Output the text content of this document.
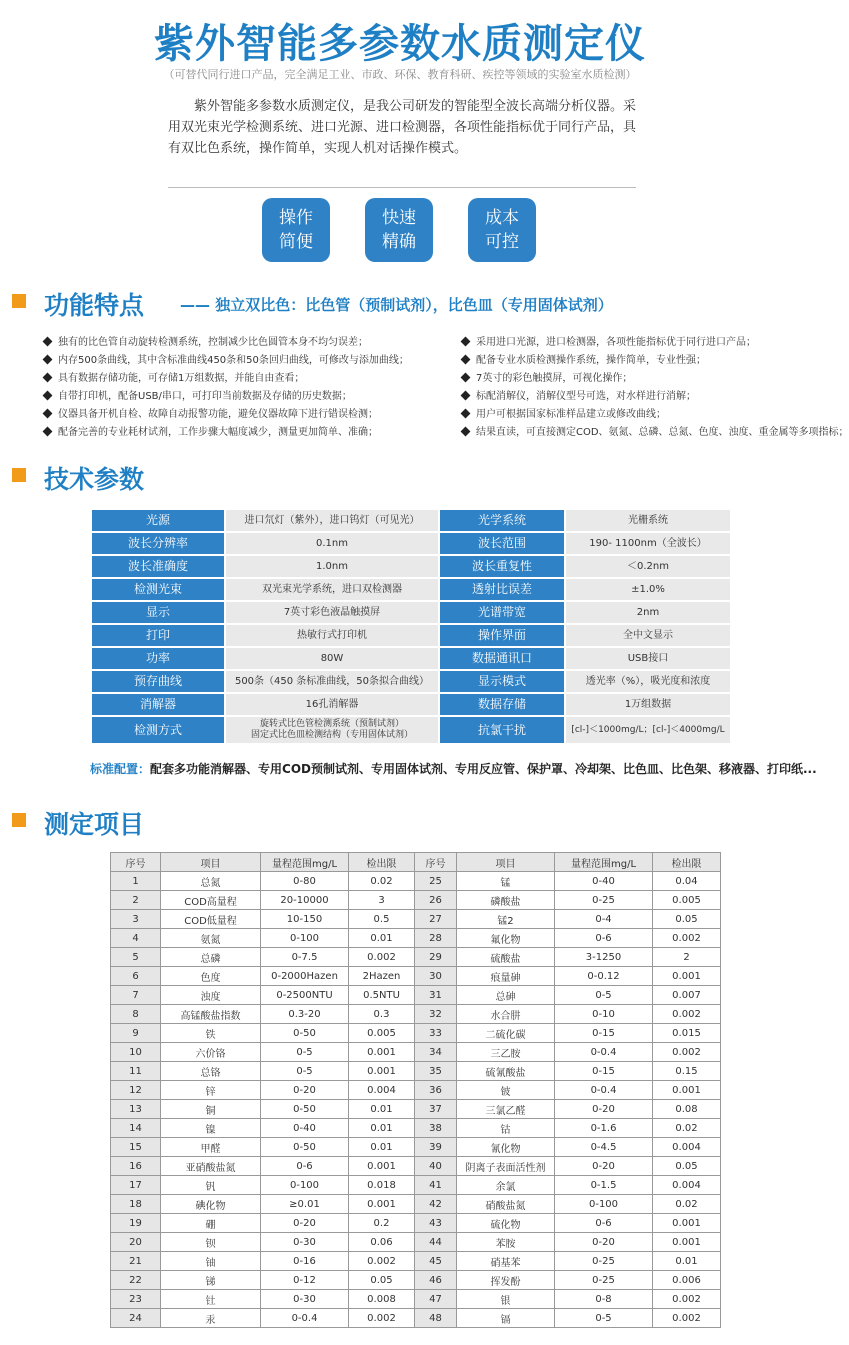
紫外智能多参数水质测定仪
（可替代同行进口产品，完全满足工业、市政、环保、教育科研、疾控等领域的实验室水质检测）
紫外智能多参数水质测定仪，是我公司研发的智能型全波长高端分析仪器。采用双光束光学检测系统、进口光源、进口检测器，各项性能指标优于同行产品，具有双比色系统，操作简单，实现人机对话操作模式。
操作
简便
快速
精确
成本
可控
功能特点 —— 独立双比色：比色管（预制试剂），比色皿（专用固体试剂）
独有的比色管自动旋转检测系统，控制减少比色圆管本身不均匀误差；
内存500条曲线，其中含标准曲线450条和50条回归曲线，可修改与添加曲线；
具有数据存储功能，可存储1万组数据，并能自由查看；
自带打印机，配备USB/串口，可打印当前数据及存储的历史数据；
仪器具备开机自检、故障自动报警功能，避免仪器故障下进行错误检测；
配备完善的专业耗材试剂，工作步骤大幅度减少，测量更加简单、准确；
采用进口光源，进口检测器，各项性能指标优于同行进口产品；
配备专业水质检测操作系统，操作简单，专业性强；
7英寸的彩色触摸屏，可视化操作；
标配消解仪，消解仪型号可选，对水样进行消解；
用户可根据国家标准样品建立或修改曲线；
结果直读，可直接测定COD、氨氮、总磷、总氮、色度、浊度、重金属等多项指标；
技术参数
光源	进口氘灯（紫外），进口钨灯（可见光）	光学系统	光栅系统
波长分辨率	0.1nm	波长范围	190- 1100nm（全波长）
波长准确度	1.0nm	波长重复性	＜0.2nm
检测光束	双光束光学系统，进口双检测器	透射比误差	±1.0%
显示	7英寸彩色液晶触摸屏	光谱带宽	2nm
打印	热敏行式打印机	操作界面	全中文显示
功率	80W	数据通讯口	USB接口
预存曲线	500条（450 条标准曲线，50条拟合曲线）	显示模式	透光率（%），吸光度和浓度
消解器	16孔消解器	数据存储	1万组数据
检测方式	旋转式比色管检测系统（预制试剂）
固定式比色皿检测结构（专用固体试剂）	抗氯干扰	[cl-]＜1000mg/L；[cl-]＜4000mg/L
标准配置：配套多功能消解器、专用COD预制试剂、专用固体试剂、专用反应管、保护罩、冷却架、比色皿、比色架、移液器、打印纸...
测定项目
序号	项目	量程范围mg/L	检出限	序号	项目	量程范围mg/L	检出限
1	总氮	0-80	0.02	25	锰	0-40	0.04
2	COD高量程	20-10000	3	26	磷酸盐	0-25	0.005
3	COD低量程	10-150	0.5	27	锰2	0-4	0.05
4	氨氮	0-100	0.01	28	氟化物	0-6	0.002
5	总磷	0-7.5	0.002	29	硫酸盐	3-1250	2
6	色度	0-2000Hazen	2Hazen	30	痕量砷	0-0.12	0.001
7	浊度	0-2500NTU	0.5NTU	31	总砷	0-5	0.007
8	高锰酸盐指数	0.3-20	0.3	32	水合肼	0-10	0.002
9	铁	0-50	0.005	33	二硫化碳	0-15	0.015
10	六价铬	0-5	0.001	34	三乙胺	0-0.4	0.002
11	总铬	0-5	0.001	35	硫氰酸盐	0-15	0.15
12	锌	0-20	0.004	36	铍	0-0.4	0.001
13	铜	0-50	0.01	37	三氯乙醛	0-20	0.08
14	镍	0-40	0.01	38	钴	0-1.6	0.02
15	甲醛	0-50	0.01	39	氰化物	0-4.5	0.004
16	亚硝酸盐氮	0-6	0.001	40	阴离子表面活性剂	0-20	0.05
17	钒	0-100	0.018	41	余氯	0-1.5	0.004
18	碘化物	≥0.01	0.001	42	硝酸盐氮	0-100	0.02
19	硼	0-20	0.2	43	硫化物	0-6	0.001
20	钡	0-30	0.06	44	苯胺	0-20	0.001
21	铀	0-16	0.002	45	硝基苯	0-25	0.01
22	锑	0-12	0.05	46	挥发酚	0-25	0.006
23	钍	0-30	0.008	47	银	0-8	0.002
24	汞	0-0.4	0.002	48	镉	0-5	0.002
